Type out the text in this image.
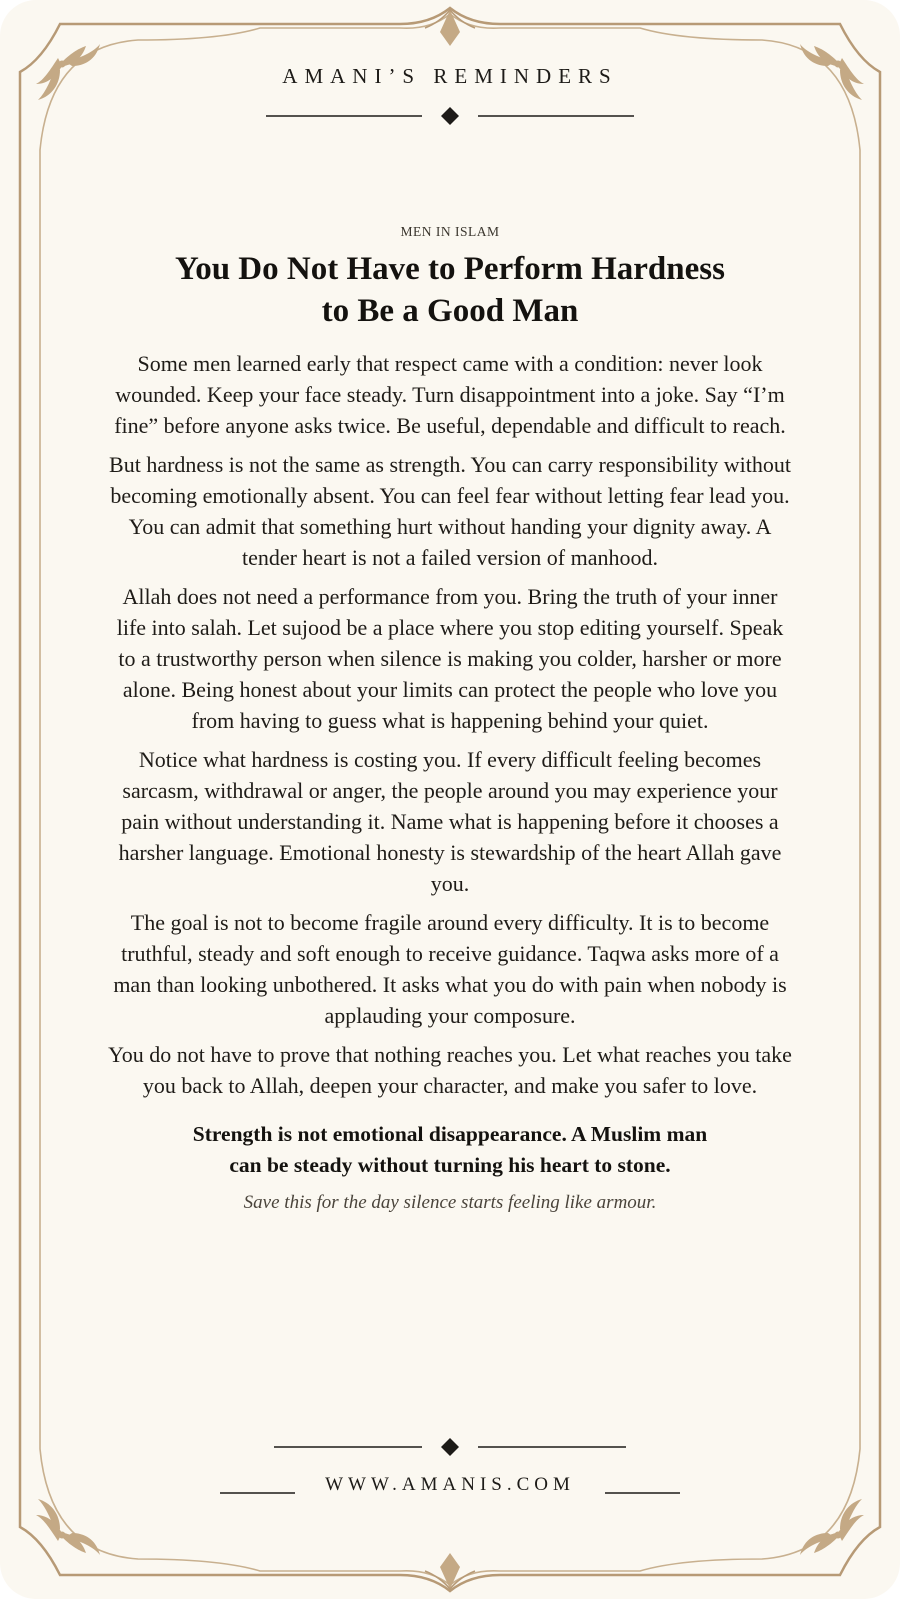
AMANI’S REMINDERS
MEN IN ISLAM
You Do Not Have to Perform Hardness
to Be a Good Man

Some men learned early that respect came with a condition: never look wounded. Keep your face steady. Turn disappointment into a joke. Say “I’m fine” before anyone asks twice. Be useful, dependable and difficult to reach.

But hardness is not the same as strength. You can carry responsibility without becoming emotionally absent. You can feel fear without letting fear lead you. You can admit that something hurt without handing your dignity away. A tender heart is not a failed version of manhood.

Allah does not need a performance from you. Bring the truth of your inner life into salah. Let sujood be a place where you stop editing yourself. Speak to a trustworthy person when silence is making you colder, harsher or more alone. Being honest about your limits can protect the people who love you from having to guess what is happening behind your quiet.

Notice what hardness is costing you. If every difficult feeling becomes sarcasm, withdrawal or anger, the people around you may experience your pain without understanding it. Name what is happening before it chooses a harsher language. Emotional honesty is stewardship of the heart Allah gave you.

The goal is not to become fragile around every difficulty. It is to become truthful, steady and soft enough to receive guidance. Taqwa asks more of a man than looking unbothered. It asks what you do with pain when nobody is applauding your composure.

You do not have to prove that nothing reaches you. Let what reaches you take you back to Allah, deepen your character, and make you safer to love.

Strength is not emotional disappearance. A Muslim man
can be steady without turning his heart to stone.

Save this for the day silence starts feeling like armour.

WWW.AMANIS.COM
